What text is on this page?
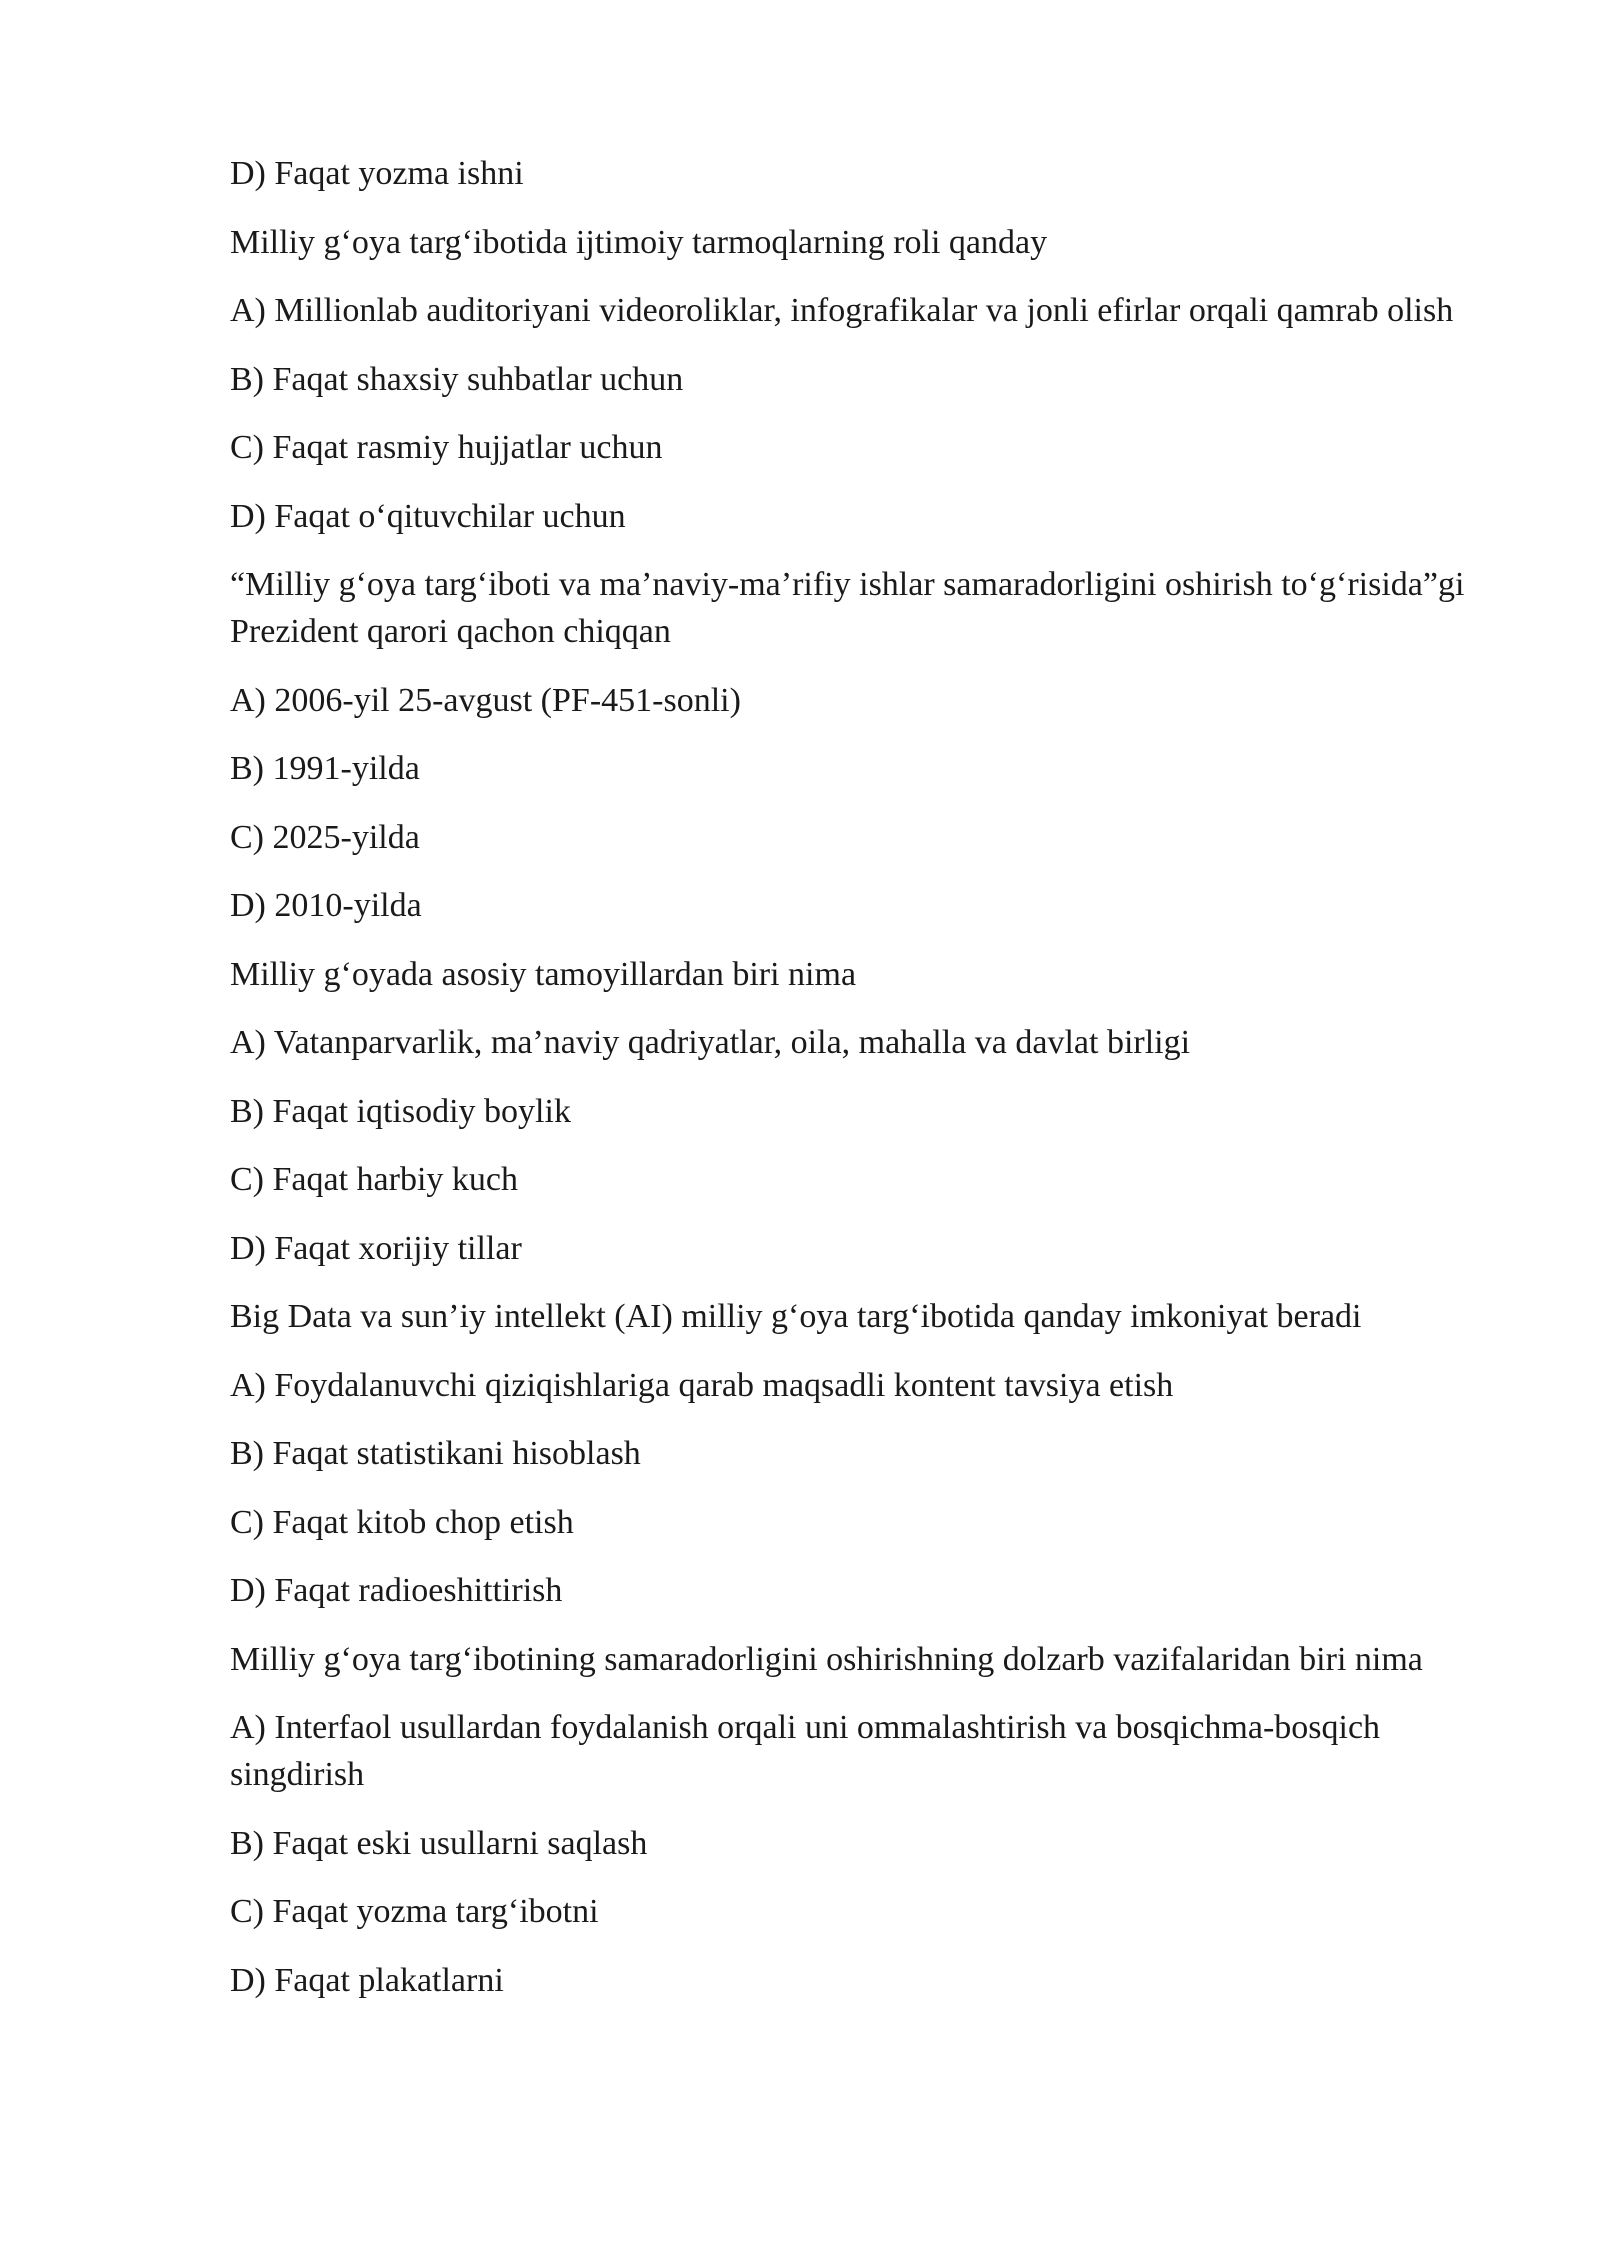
D) Faqat yozma ishni

Milliy g‘oya targ‘ibotida ijtimoiy tarmoqlarning roli qanday

A) Millionlab auditoriyani videoroliklar, infografikalar va jonli efirlar orqali qamrab olish

B) Faqat shaxsiy suhbatlar uchun

C) Faqat rasmiy hujjatlar uchun

D) Faqat o‘qituvchilar uchun

“Milliy g‘oya targ‘iboti va ma’naviy-ma’rifiy ishlar samaradorligini oshirish to‘g‘risida”gi Prezident qarori qachon chiqqan

A) 2006-yil 25-avgust (PF-451-sonli)

B) 1991-yilda

C) 2025-yilda

D) 2010-yilda

Milliy g‘oyada asosiy tamoyillardan biri nima

A) Vatanparvarlik, ma’naviy qadriyatlar, oila, mahalla va davlat birligi

B) Faqat iqtisodiy boylik

C) Faqat harbiy kuch

D) Faqat xorijiy tillar

Big Data va sun’iy intellekt (AI) milliy g‘oya targ‘ibotida qanday imkoniyat beradi

A) Foydalanuvchi qiziqishlariga qarab maqsadli kontent tavsiya etish

B) Faqat statistikani hisoblash

C) Faqat kitob chop etish

D) Faqat radioeshittirish

Milliy g‘oya targ‘ibotining samaradorligini oshirishning dolzarb vazifalaridan biri nima

A) Interfaol usullardan foydalanish orqali uni ommalashtirish va bosqichma-bosqich singdirish

B) Faqat eski usullarni saqlash

C) Faqat yozma targ‘ibotni

D) Faqat plakatlarni
